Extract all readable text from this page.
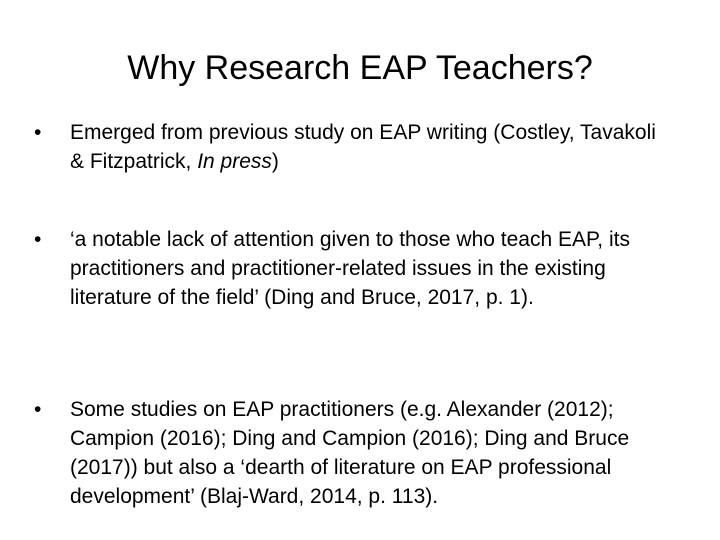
Why Research EAP Teachers?
•	Emerged from previous study on EAP writing (Costley, Tavakoli & Fitzpatrick, In press)
•	‘a notable lack of attention given to those who teach EAP, its practitioners and practitioner-related issues in the existing literature of the field’ (Ding and Bruce, 2017, p. 1).
•	Some studies on EAP practitioners (e.g. Alexander (2012); Campion (2016); Ding and Campion (2016); Ding and Bruce (2017)) but also a ‘dearth of literature on EAP professional development’ (Blaj-Ward, 2014, p. 113).
